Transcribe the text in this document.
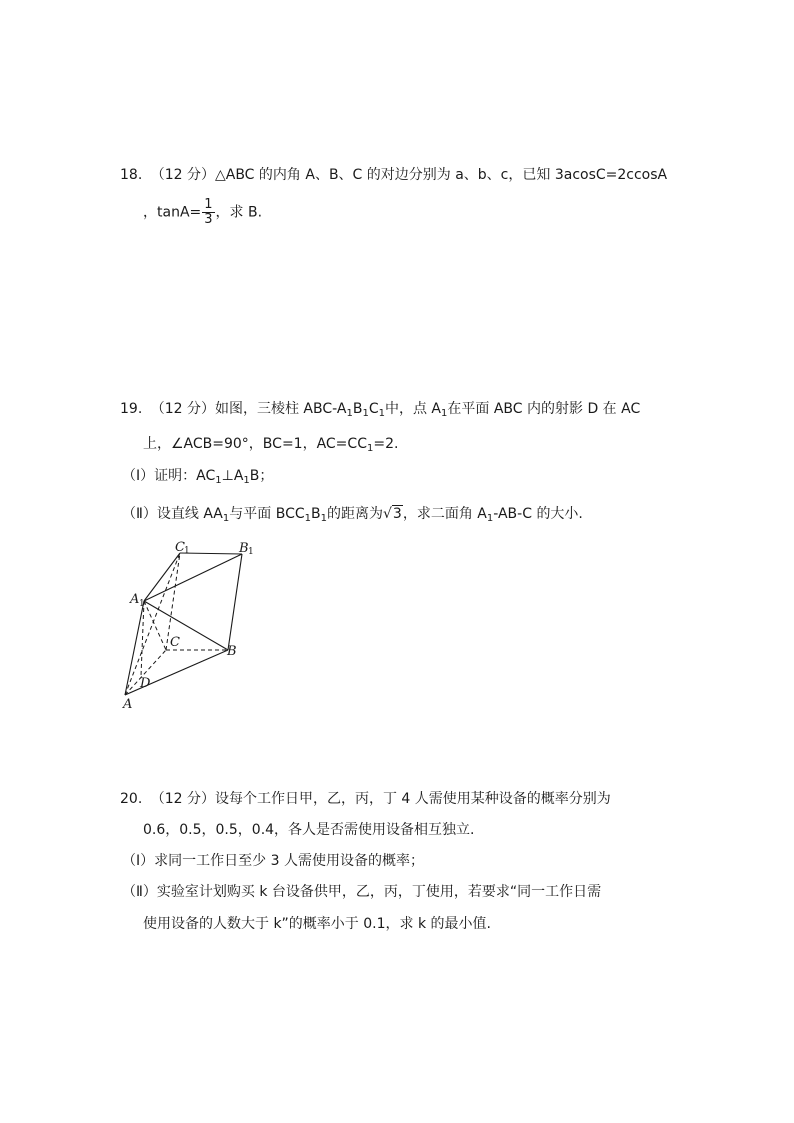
18. （12 分）△ABC 的内角 A、B、C 的对边分别为 a、b、c，已知 3acosC=2ccosA
，$\tan A= \frac{1}{3}$ ，求 B.
19. （12 分）如图，三棱柱 ABC-$A_1B_1C_1$中，点 $A_1$在平面 ABC 内的射影 D 在 AC
上，∠ACB=90°，BC=1，$AC=CC_1=2$.
（Ⅰ）证明：$AC_1\perp A_1B$；
（Ⅱ）设直线 $AA_1$与平面 $BCC_1B_1$的距离为√3，求二面角 $A_1-AB-C$ 的大小.
C 1	B 1
A 1
C
B
D
A
20. （12 分）设每个工作日甲，乙，丙，丁 4 人需使用某种设备的概率分别为
0.6，0.5，0.5，0.4，各人是否需使用设备相互独立.
（Ⅰ）求同一工作日至少 3 人需使用设备的概率；
（Ⅱ）实验室计划购买 k 台设备供甲，乙，丙，丁使用，若要求“同一工作日需
使用设备的人数大于 k”的概率小于 0.1，求 k 的最小值.
